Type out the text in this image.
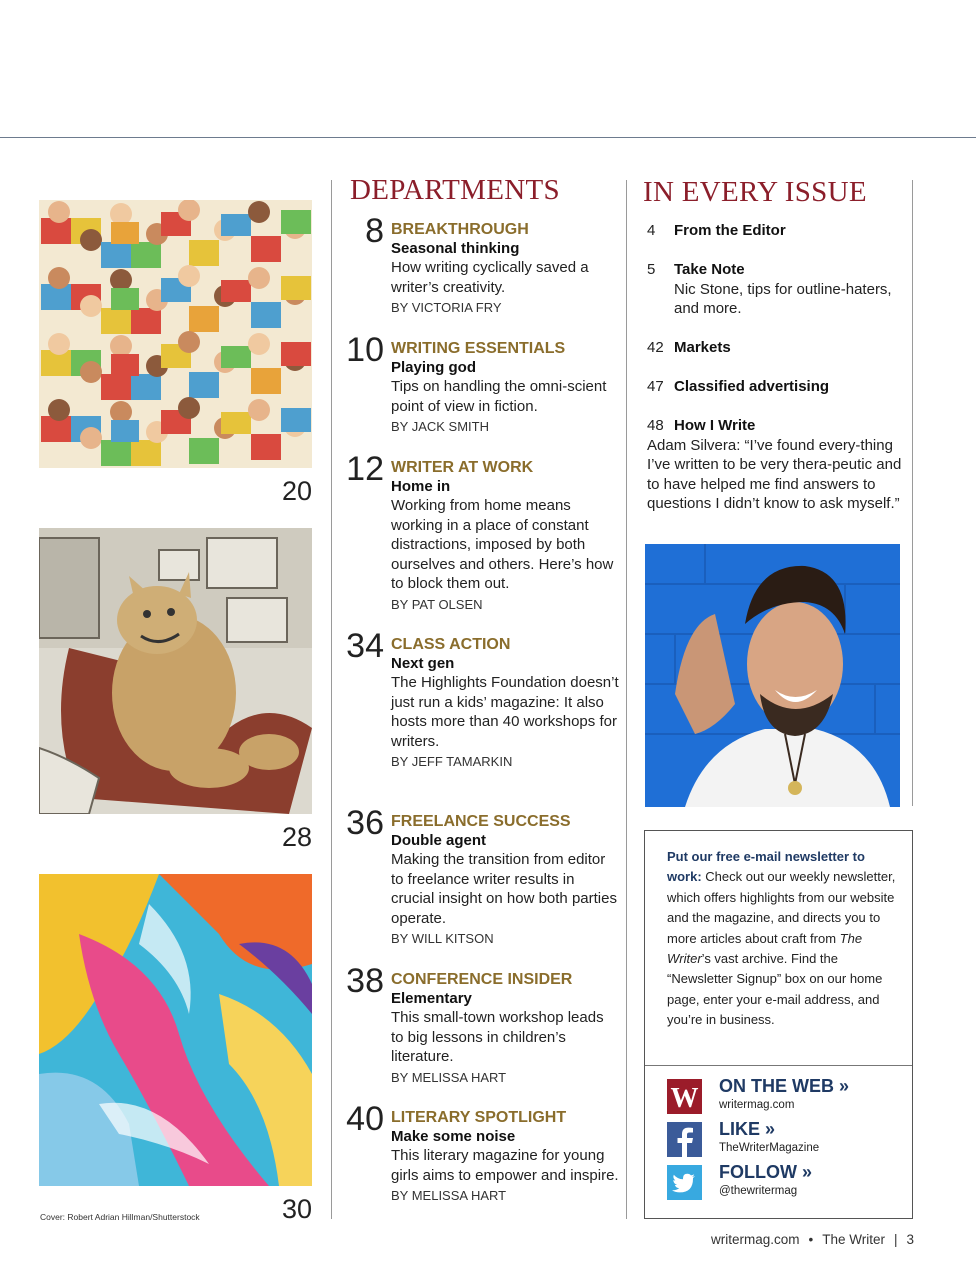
20
28
Cover: Robert Adrian Hillman/Shutterstock	30
DEPARTMENTS
8 BREAKTHROUGH
Seasonal thinking
How writing cyclically saved a writer’s creativity.
BY VICTORIA FRY
10 WRITING ESSENTIALS
Playing god
Tips on handling the omni-scient point of view in fiction.
BY JACK SMITH
12 WRITER AT WORK
Home in
Working from home means working in a place of constant distractions, imposed by both ourselves and others. Here’s how to block them out.
BY PAT OLSEN
34 CLASS ACTION
Next gen
The Highlights Foundation doesn’t just run a kids’ magazine: It also hosts more than 40 workshops for writers.
BY JEFF TAMARKIN
36 FREELANCE SUCCESS
Double agent
Making the transition from editor to freelance writer results in crucial insight on how both parties operate.
BY WILL KITSON
38 CONFERENCE INSIDER
Elementary
This small-town workshop leads to big lessons in children’s literature.
BY MELISSA HART
40 LITERARY SPOTLIGHT
Make some noise
This literary magazine for young girls aims to empower and inspire.
BY MELISSA HART
IN EVERY ISSUE
4 From the Editor
5 Take Note
Nic Stone, tips for outline-haters, and more.
42 Markets
47 Classified advertising
48 How I Write
Adam Silvera: “I’ve found every-thing I’ve written to be very thera-peutic and to have helped me find answers to questions I didn’t know to ask myself.”
Put our free e-mail newsletter to work: Check out our weekly newsletter, which offers highlights from our website and the magazine, and directs you to more articles about craft from The Writer’s vast archive. Find the “Newsletter Signup” box on our home page, enter your e-mail address, and you’re in business.
W ON THE WEB »
writermag.com
LIKE »
TheWriterMagazine
FOLLOW »
@thewritermag
writermag.com • The Writer | 3
